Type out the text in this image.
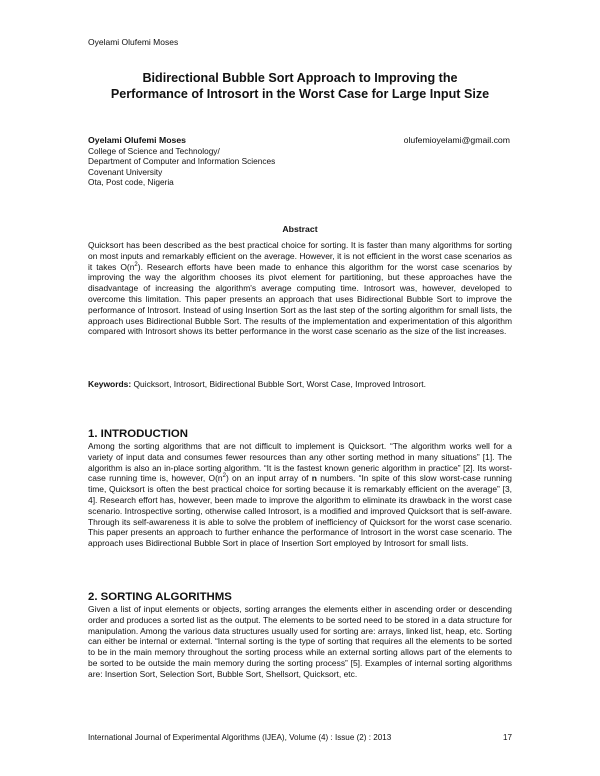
Oyelami Olufemi Moses
Bidirectional Bubble Sort Approach to Improving the
Performance of Introsort in the Worst Case for Large Input Size
Oyelami Olufemi Moses
College of Science and Technology/
Department of Computer and Information Sciences
Covenant University
Ota, Post code, Nigeria
olufemioyelami@gmail.com
Abstract

Quicksort has been described as the best practical choice for sorting. It is faster than many algorithms for sorting on most inputs and remarkably efficient on the average. However, it is not efficient in the worst case scenarios as it takes $O(n^2)$. Research efforts have been made to enhance this algorithm for the worst case scenarios by improving the way the algorithm chooses its pivot element for partitioning, but these approaches have the disadvantage of increasing the algorithm's average computing time. Introsort was, however, developed to overcome this limitation. This paper presents an approach that uses Bidirectional Bubble Sort to improve the performance of Introsort. Instead of using Insertion Sort as the last step of the sorting algorithm for small lists, the approach uses Bidirectional Bubble Sort. The results of the implementation and experimentation of this algorithm compared with Introsort shows its better performance in the worst case scenario as the size of the list increases.

Keywords: Quicksort, Introsort, Bidirectional Bubble Sort, Worst Case, Improved Introsort.
1. INTRODUCTION

Among the sorting algorithms that are not difficult to implement is Quicksort. “The algorithm works well for a variety of input data and consumes fewer resources than any other sorting method in many situations” [1]. The algorithm is also an in-place sorting algorithm. “It is the fastest known generic algorithm in practice” [2]. Its worst-case running time is, however, $O(n^2)$ on an input array of n numbers. “In spite of this slow worst-case running time, Quicksort is often the best practical choice for sorting because it is remarkably efficient on the average” [3, 4]. Research effort has, however, been made to improve the algorithm to eliminate its drawback in the worst case scenario. Introspective sorting, otherwise called Introsort, is a modified and improved Quicksort that is self-aware. Through its self-awareness it is able to solve the problem of inefficiency of Quicksort for the worst case scenario. This paper presents an approach to further enhance the performance of Introsort in the worst case scenario. The approach uses Bidirectional Bubble Sort in place of Insertion Sort employed by Introsort for small lists.

2. SORTING ALGORITHMS

Given a list of input elements or objects, sorting arranges the elements either in ascending order or descending order and produces a sorted list as the output. The elements to be sorted need to be stored in a data structure for manipulation. Among the various data structures usually used for sorting are: arrays, linked list, heap, etc. Sorting can either be internal or external. “Internal sorting is the type of sorting that requires all the elements to be sorted to be in the main memory throughout the sorting process while an external sorting allows part of the elements to be sorted to be outside the main memory during the sorting process” [5]. Examples of internal sorting algorithms are: Insertion Sort, Selection Sort, Bubble Sort, Shellsort, Quicksort, etc.

International Journal of Experimental Algorithms (IJEA), Volume (4) : Issue (2) : 2013	17
